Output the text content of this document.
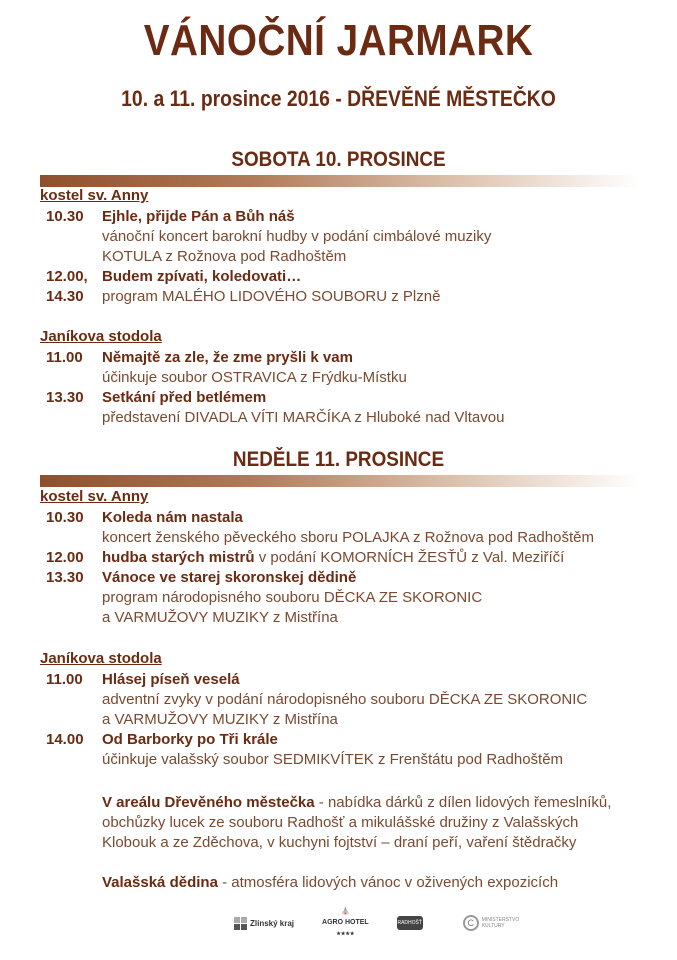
VÁNOČNÍ JARMARK
10. a 11. prosince 2016 - DŘEVĚNÉ MĚSTEČKO
SOBOTA 10. PROSINCE
kostel sv. Anny
10.30 Ejhle, přijde Pán a Bůh náš
vánoční koncert barokní hudby v podání cimbálové muziky
KOTULA z Rožnova pod Radhoštěm
12.00, Budem zpívati, koledovati…
14.30 program MALÉHO LIDOVÉHO SOUBORU z Plzně
Janíkova stodola
11.00 Němajtě za zle, že zme pryšli k vam
účinkuje soubor OSTRAVICA z Frýdku-Místku
13.30 Setkání před betlémem
představení DIVADLA VÍTI MARČÍKA z Hluboké nad Vltavou
NEDĚLE 11. PROSINCE
kostel sv. Anny
10.30 Koleda nám nastala
koncert ženského pěveckého sboru POLAJKA z Rožnova pod Radhoštěm
12.00 hudba starých mistrů v podání KOMORNÍCH ŽESŤŮ z Val. Meziříčí
13.30 Vánoce ve starej skoronskej dědině
program národopisného souboru DĚCKA ZE SKORONIC
a VARMUŽOVY MUZIKY z Mistřína
Janíkova stodola
11.00 Hlásej píseň veselá
adventní zvyky v podání národopisného souboru DĚCKA ZE SKORONIC
a VARMUŽOVY MUZIKY z Mistřína
14.00 Od Barborky po Tři krále
účinkuje valašský soubor SEDMIKVÍTEK z Frenštátu pod Radhoštěm
V areálu Dřevěného městečka - nabídka dárků z dílen lidových řemeslníků,
obchůzky lucek ze souboru Radhošť a mikulášské družiny z Valašských
Klobouk a ze Zděchova, v kuchyni fojtství – draní peří, vaření štědračky
Valašská dědina - atmosféra lidových vánoc v oživených expozicích
Zlínský kraj
⛪
AGRO HOTEL
★★★★
RADHOŠŤ	C	MINISTERSTVO
KULTURY
